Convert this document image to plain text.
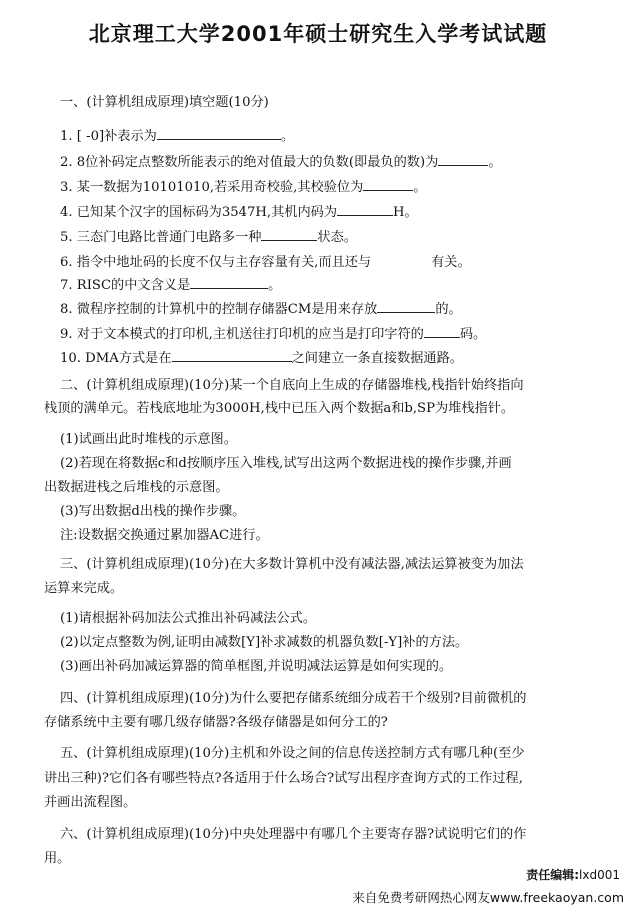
北京理工大学2001年硕士研究生入学考试试题
一、(计算机组成原理)填空题(10分)
1. [ -0]补表示为	。
2. 8位补码定点整数所能表示的绝对值最大的负数(即最负的数)为	。
3. 某一数据为10101010,若采用奇校验,其校验位为	。
4. 已知某个汉字的国标码为3547H,其机内码为	H。
5. 三态门电路比普通门电路多一种	状态。
6. 指令中地址码的长度不仅与主存容量有关,而且还与	有关。
7. RISC的中文含义是	。
8. 微程序控制的计算机中的控制存储器CM是用来存放	的。
9. 对于文本模式的打印机,主机送往打印机的应当是打印字符的	码。
10. DMA方式是在	之间建立一条直接数据通路。
二、(计算机组成原理)(10分)某一个自底向上生成的存储器堆栈,栈指针始终指向
栈顶的满单元。若栈底地址为3000H,栈中已压入两个数据a和b,SP为堆栈指针。
(1)试画出此时堆栈的示意图。
(2)若现在将数据c和d按顺序压入堆栈,试写出这两个数据进栈的操作步骤,并画
出数据进栈之后堆栈的示意图。
(3)写出数据d出栈的操作步骤。
注:设数据交换通过累加器AC进行。
三、(计算机组成原理)(10分)在大多数计算机中没有减法器,减法运算被变为加法
运算来完成。
(1)请根据补码加法公式推出补码减法公式。
(2)以定点整数为例,证明由减数[Y]补求减数的机器负数[-Y]补的方法。
(3)画出补码加减运算器的简单框图,并说明减法运算是如何实现的。
四、(计算机组成原理)(10分)为什么要把存储系统细分成若干个级别?目前微机的
存储系统中主要有哪几级存储器?各级存储器是如何分工的?
五、(计算机组成原理)(10分)主机和外设之间的信息传送控制方式有哪几种(至少
讲出三种)?它们各有哪些特点?各适用于什么场合?试写出程序查询方式的工作过程,
并画出流程图。
六、(计算机组成原理)(10分)中央处理器中有哪几个主要寄存器?试说明它们的作
用。
责任编辑:lxd001
来自免费考研网热心网友www.freekaoyan.com
